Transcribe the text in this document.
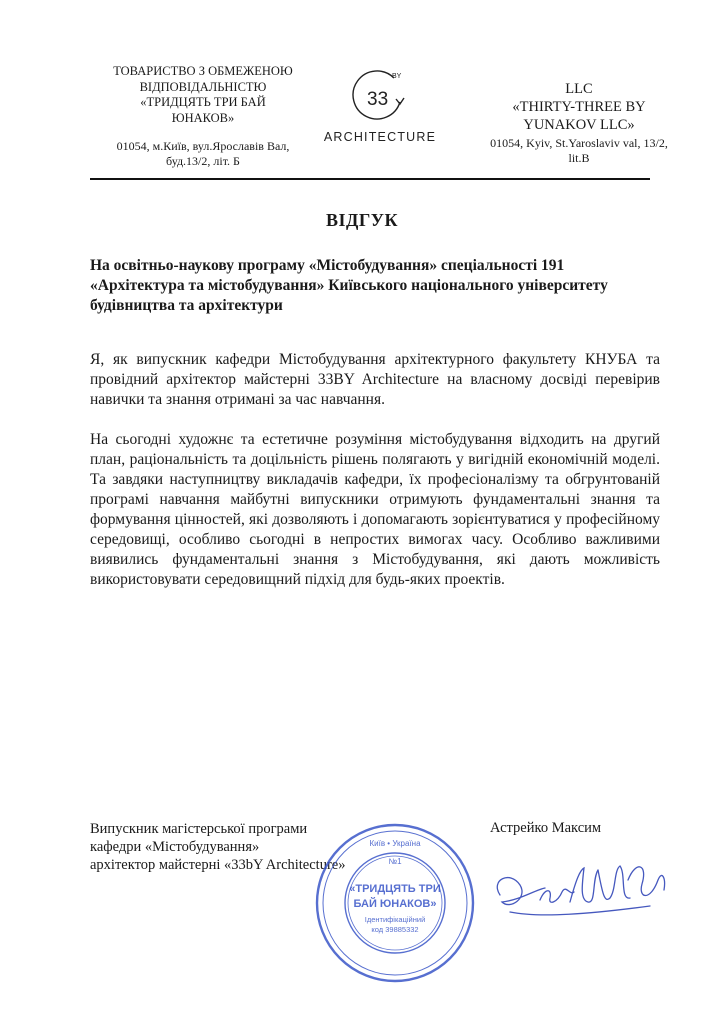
ТОВАРИСТВО З ОБМЕЖЕНОЮ
ВІДПОВІДАЛЬНІСТЮ
«ТРИДЦЯТЬ ТРИ БАЙ
ЮНАКОВ»
01054, м.Київ, вул.Ярославів Вал,
буд.13/2, літ. Б
33
BY
ARCHITECTURE
LLC
«THIRTY-THREE BY
YUNAKOV LLC»
01054, Kyiv, St.Yaroslaviv val, 13/2,
lit.B
ВІДГУК
На освітньо-наукову програму «Містобудування» спеціальності 191 «Архітектура та містобудування» Київського національного університету будівництва та архітектури
Я, як випускник кафедри Містобудування архітектурного факультету КНУБА та провідний архітектор майстерні 33BY Architecture на власному досвіді перевірив навички та знання отримані за час навчання.
На сьогодні художнє та естетичне розуміння містобудування відходить на другий план, раціональність та доцільність рішень полягають у вигідній економічній моделі. Та завдяки наступництву викладачів кафедри, їх професіоналізму та обгрунтованій програмі навчання майбутні випускники отримують фундаментальні знання та формування цінностей, які дозволяють і допомагають зорієнтуватися у професійному середовищі, особливо сьогодні в непростих вимогах часу. Особливо важливими виявились фундаментальні знання з Містобудування, які дають можливість використовувати середовищний підхід для будь-яких проектів.
Випускник магістерської програми
кафедри «Містобудування»
архітектор майстерні «33bY Architecture»
Астрейко Максим
Київ • Україна
№1
«ТРИДЦЯТЬ ТРИ
БАЙ ЮНАКОВ»
Ідентифікаційний
код 39885332
